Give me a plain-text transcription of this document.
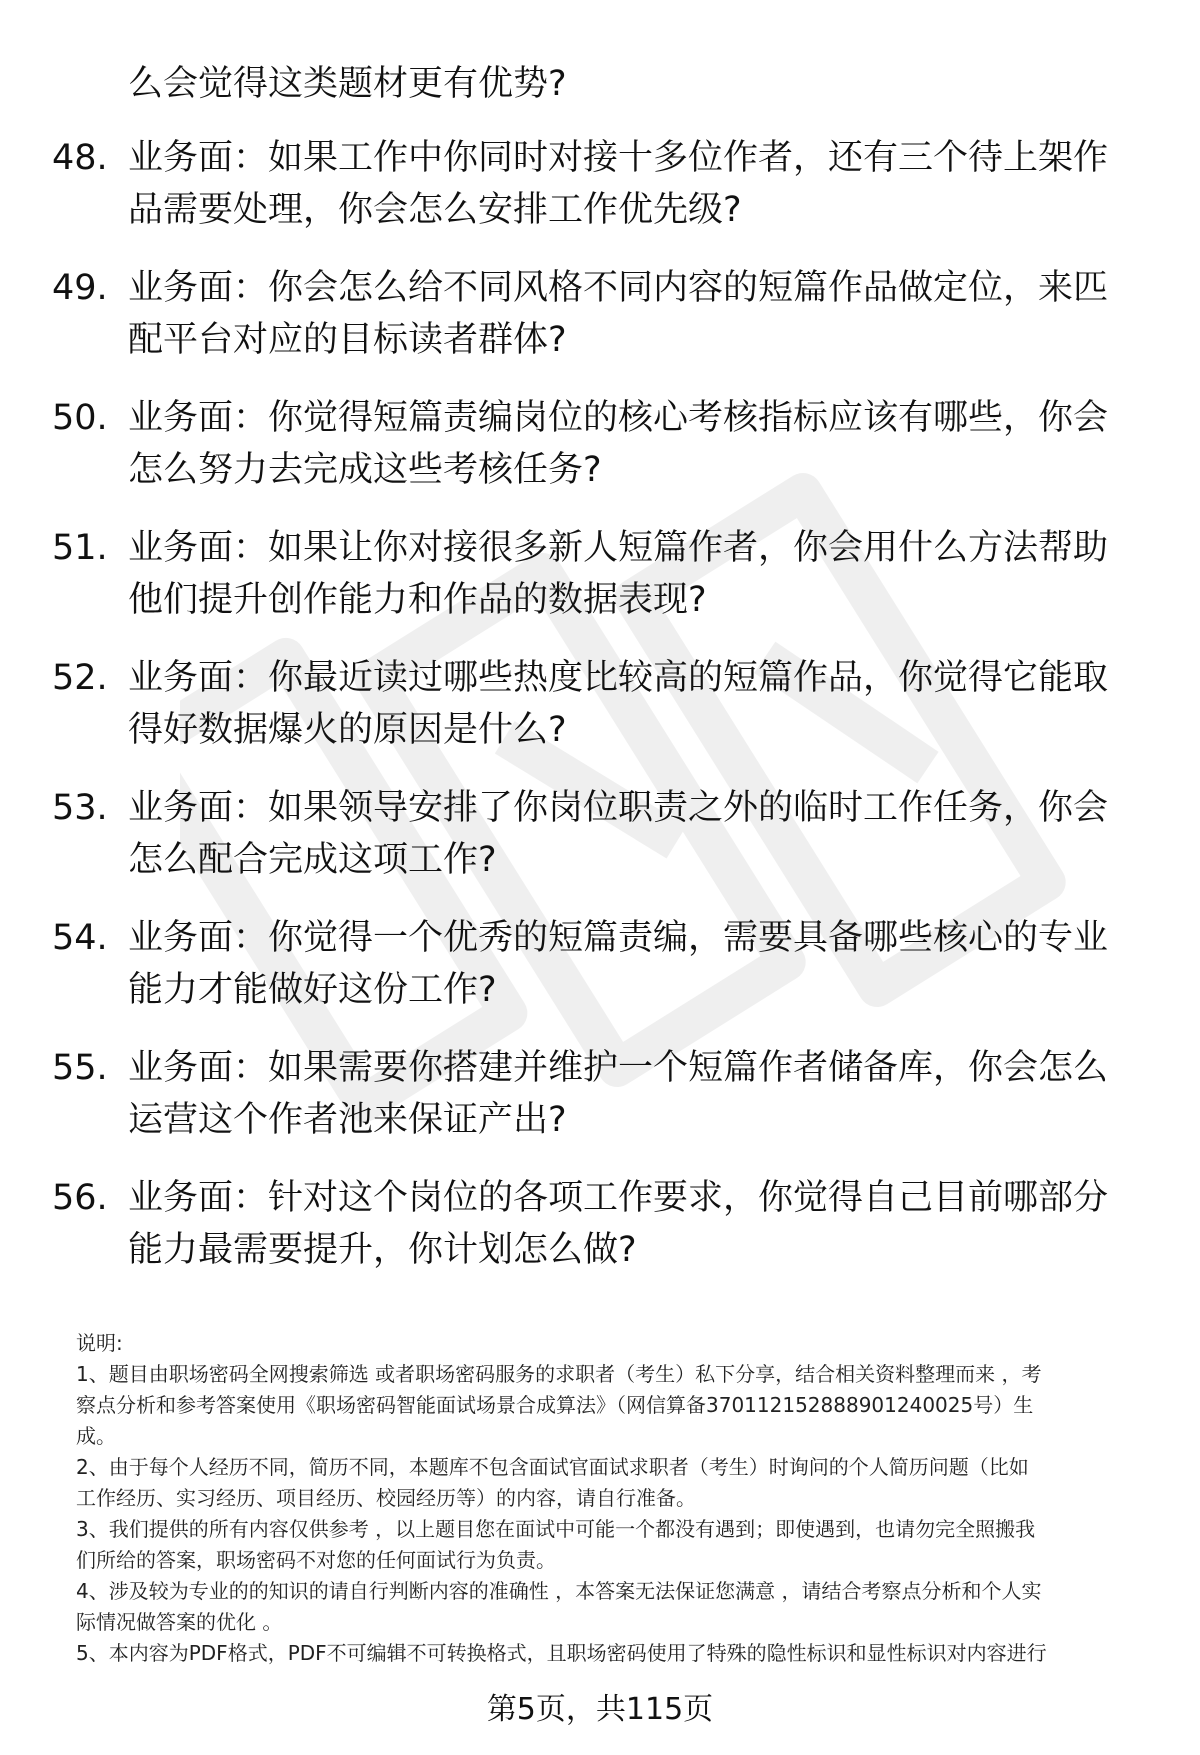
么会觉得这类题材更有优势?
48. 业务面：如果工作中你同时对接十多位作者，还有三个待上架作
品需要处理，你会怎么安排工作优先级?
49. 业务面：你会怎么给不同风格不同内容的短篇作品做定位，来匹
配平台对应的目标读者群体?
50. 业务面：你觉得短篇责编岗位的核心考核指标应该有哪些，你会
怎么努力去完成这些考核任务?
51. 业务面：如果让你对接很多新人短篇作者，你会用什么方法帮助
他们提升创作能力和作品的数据表现?
52. 业务面：你最近读过哪些热度比较高的短篇作品，你觉得它能取
得好数据爆火的原因是什么?
53. 业务面：如果领导安排了你岗位职责之外的临时工作任务，你会
怎么配合完成这项工作?
54. 业务面：你觉得一个优秀的短篇责编，需要具备哪些核心的专业
能力才能做好这份工作?
55. 业务面：如果需要你搭建并维护一个短篇作者储备库，你会怎么
运营这个作者池来保证产出?
56. 业务面：针对这个岗位的各项工作要求，你觉得自己目前哪部分
能力最需要提升，你计划怎么做?
说明:
1、题目由职场密码全网搜索筛选 或者职场密码服务的求职者（考生）私下分享，结合相关资料整理而来 ，考
察点分析和参考答案使用《职场密码智能面试场景合成算法》（网信算备370112152888901240025号）生
成。
2、由于每个人经历不同，简历不同，本题库不包含面试官面试求职者（考生）时询问的个人简历问题（比如
工作经历、实习经历、项目经历、校园经历等）的内容，请自行准备。
3、我们提供的所有内容仅供参考 ，以上题目您在面试中可能一个都没有遇到；即使遇到，也请勿完全照搬我
们所给的答案，职场密码不对您的任何面试行为负责。
4、涉及较为专业的的知识的请自行判断内容的准确性 ，本答案无法保证您满意 ，请结合考察点分析和个人实
际情况做答案的优化 。
5、本内容为PDF格式，PDF不可编辑不可转换格式，且职场密码使用了特殊的隐性标识和显性标识对内容进行
第5页，共115页
